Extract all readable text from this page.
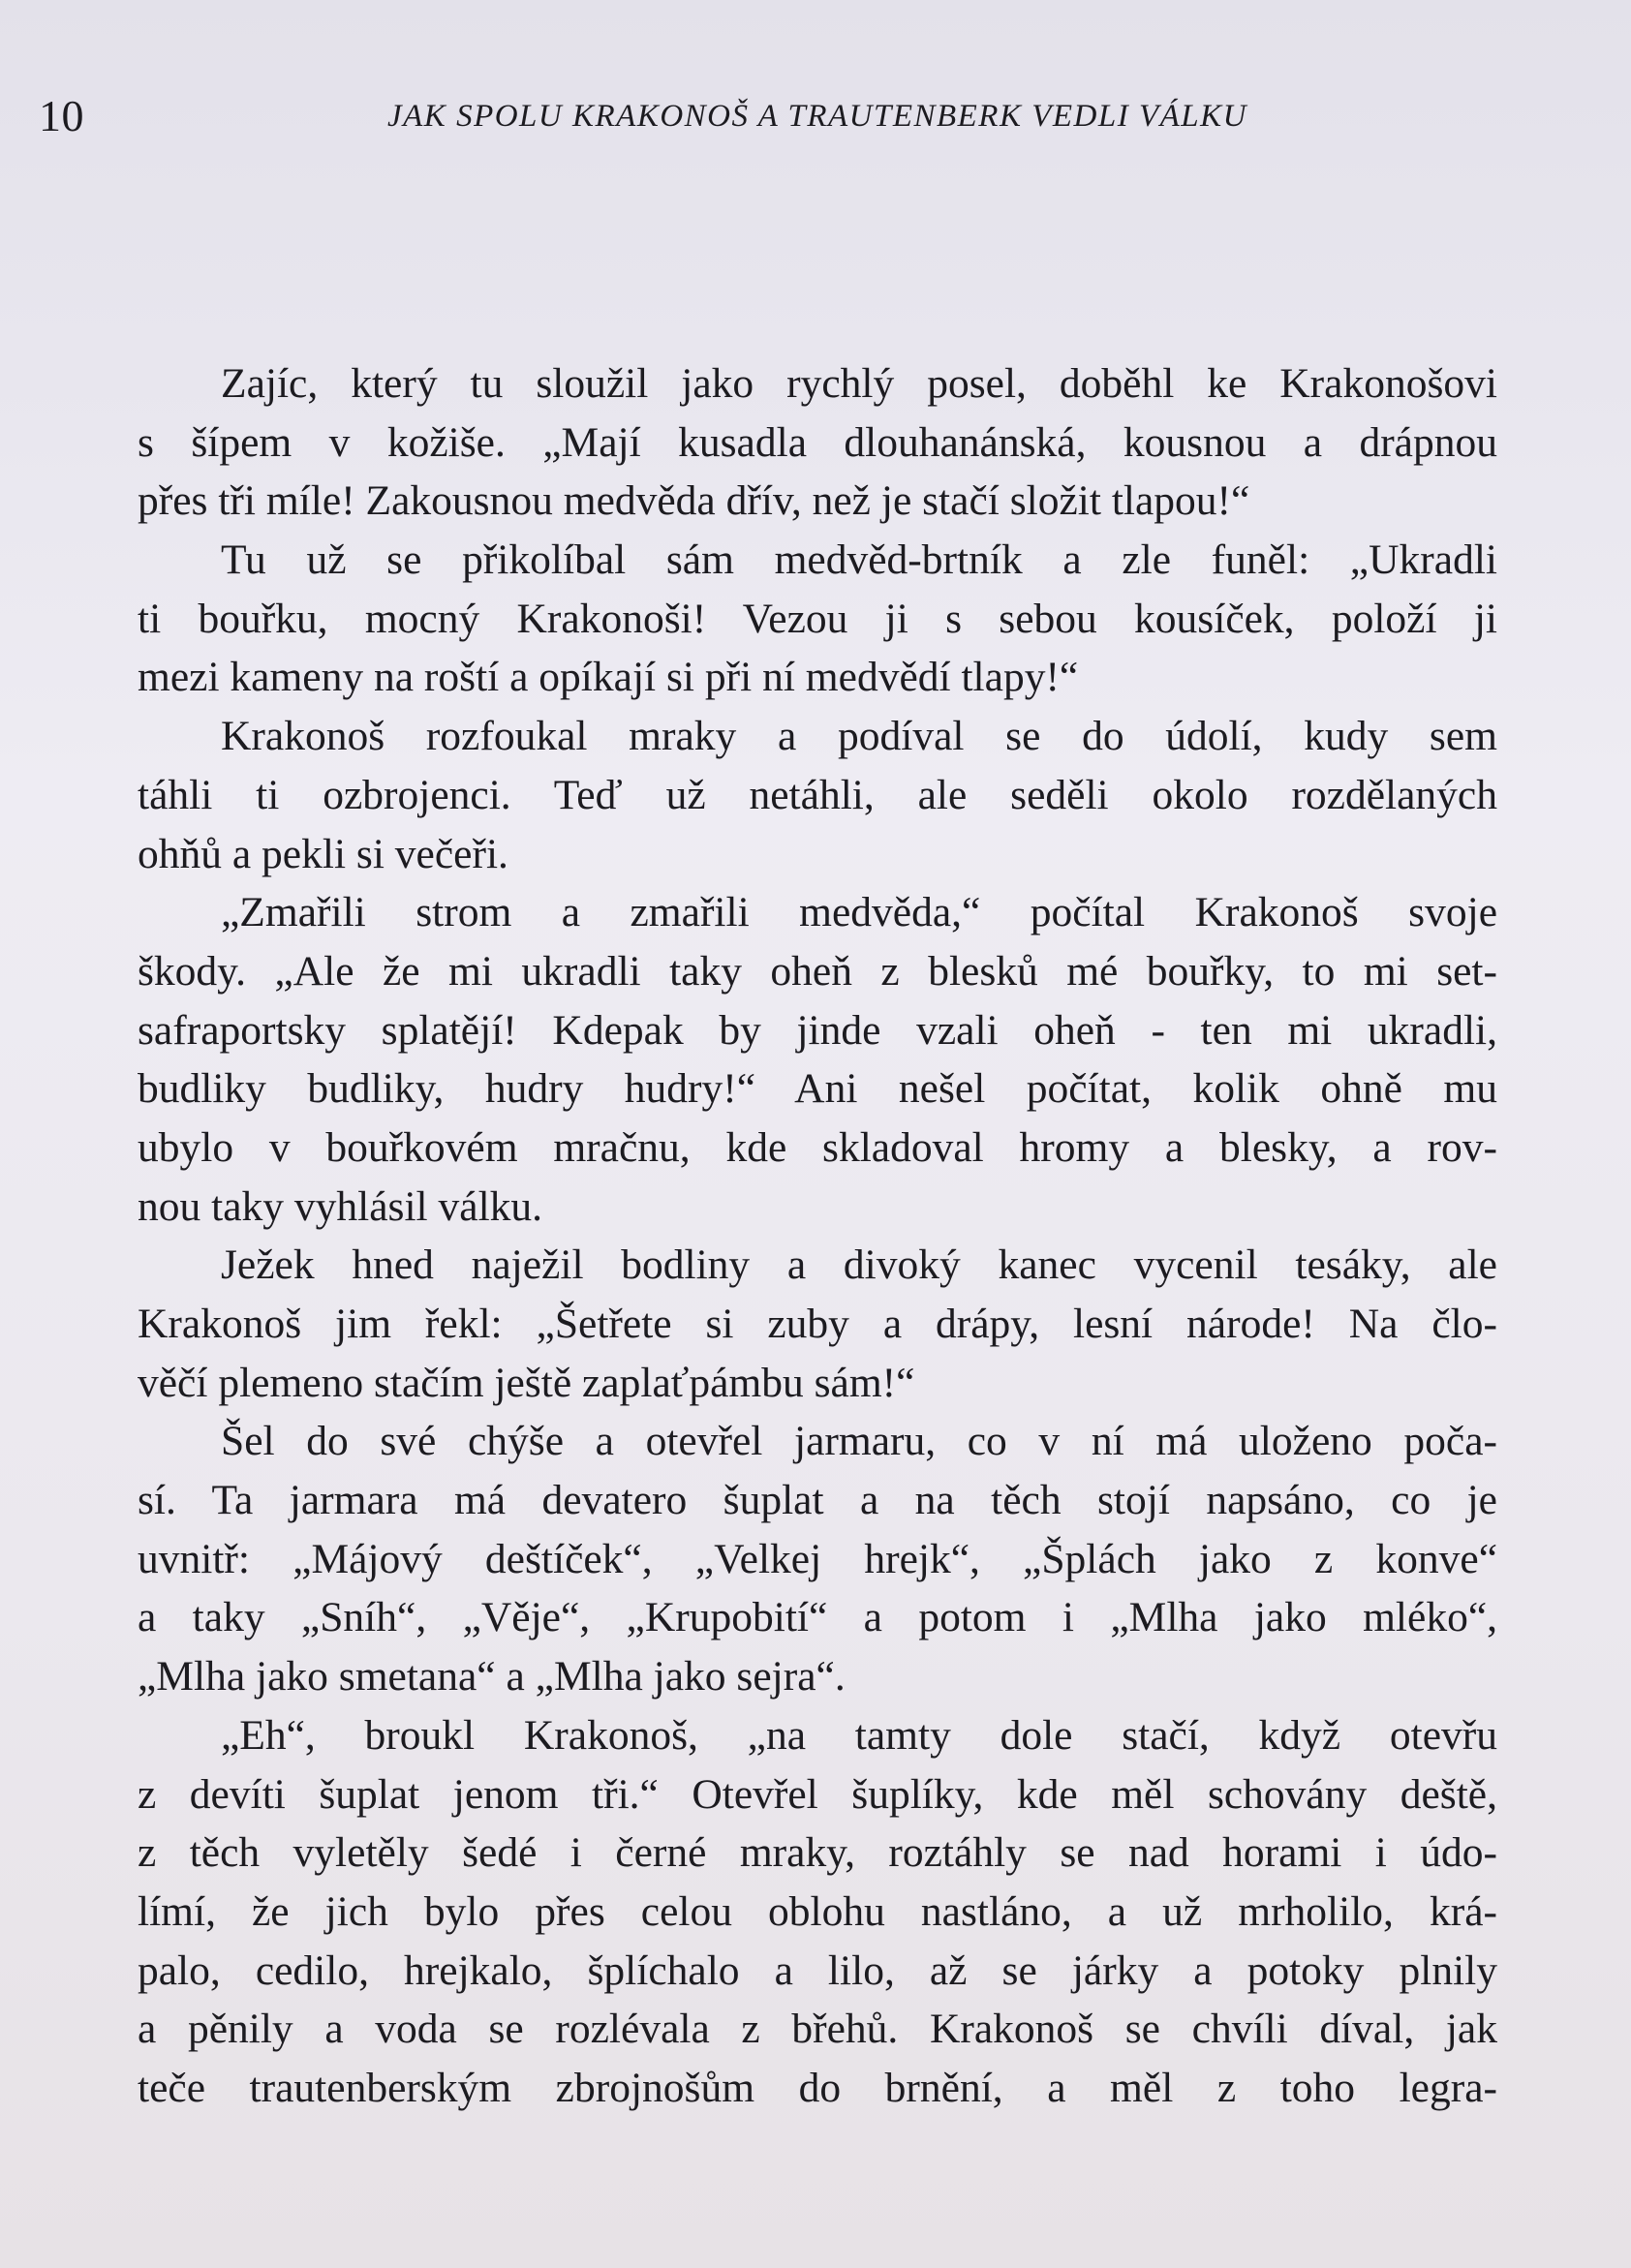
10	JAK SPOLU KRAKONOŠ A TRAUTENBERK VEDLI VÁLKU
Zajíc, který tu sloužil jako rychlý posel, doběhl ke Krakonošovi
s šípem v kožiše. „Mají kusadla dlouhanánská, kousnou a drápnou
přes tři míle! Zakousnou medvěda dřív, než je stačí složit tlapou!“
Tu už se přikolíbal sám medvěd-brtník a zle funěl: „Ukradli
ti bouřku, mocný Krakonoši! Vezou ji s sebou kousíček, položí ji
mezi kameny na roští a opíkají si při ní medvědí tlapy!“
Krakonoš rozfoukal mraky a podíval se do údolí, kudy sem
táhli ti ozbrojenci. Teď už netáhli, ale seděli okolo rozdělaných
ohňů a pekli si večeři.
„Zmařili strom a zmařili medvěda,“ počítal Krakonoš svoje
škody. „Ale že mi ukradli taky oheň z blesků mé bouřky, to mi set-
safraportsky splatějí! Kdepak by jinde vzali oheň - ten mi ukradli,
budliky budliky, hudry hudry!“ Ani nešel počítat, kolik ohně mu
ubylo v bouřkovém mračnu, kde skladoval hromy a blesky, a rov-
nou taky vyhlásil válku.
Ježek hned naježil bodliny a divoký kanec vycenil tesáky, ale
Krakonoš jim řekl: „Šetřete si zuby a drápy, lesní národe! Na člo-
věčí plemeno stačím ještě zaplaťpámbu sám!“
Šel do své chýše a otevřel jarmaru, co v ní má uloženo poča-
sí. Ta jarmara má devatero šuplat a na těch stojí napsáno, co je
uvnitř: „Májový deštíček“, „Velkej hrejk“, „Šplách jako z konve“
a taky „Sníh“, „Věje“, „Krupobití“ a potom i „Mlha jako mléko“,
„Mlha jako smetana“ a „Mlha jako sejra“.
„Eh“, broukl Krakonoš, „na tamty dole stačí, když otevřu
z devíti šuplat jenom tři.“ Otevřel šuplíky, kde měl schovány deště,
z těch vyletěly šedé i černé mraky, roztáhly se nad horami i údo-
límí, že jich bylo přes celou oblohu nastláno, a už mrholilo, krá-
palo, cedilo, hrejkalo, šplíchalo a lilo, až se járky a potoky plnily
a pěnily a voda se rozlévala z břehů. Krakonoš se chvíli díval, jak
teče trautenberským zbrojnošům do brnění, a měl z toho legra-
